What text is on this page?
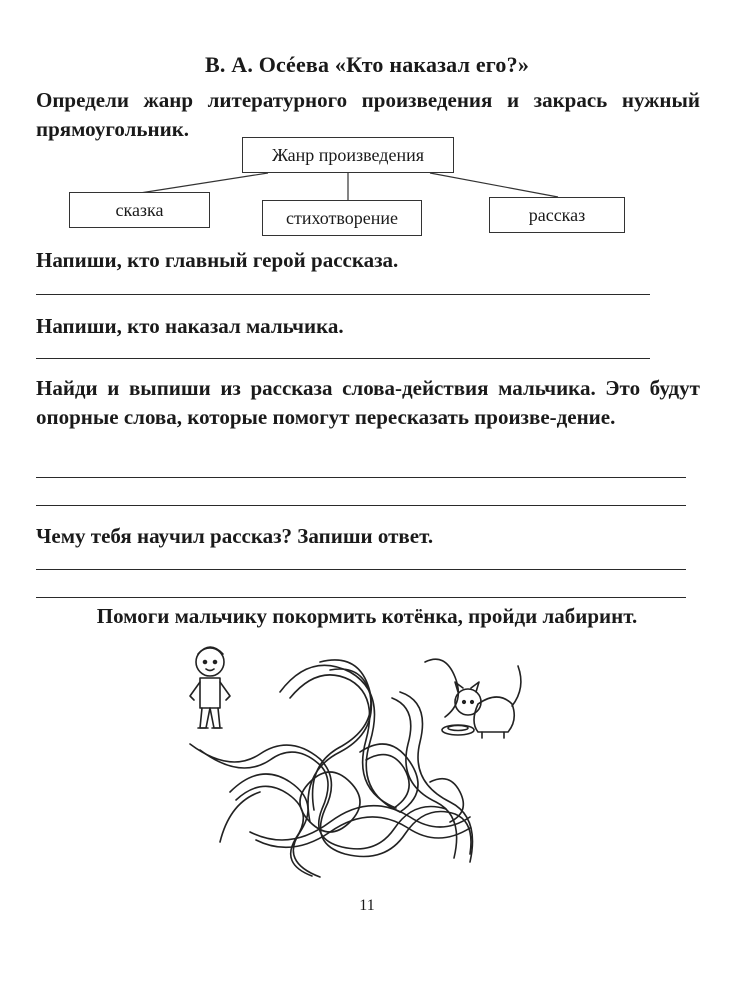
В. А. Осéева «Кто наказал его?»

Определи жанр литературного произведения и закрась нужный прямоугольник.

Жанр произведения
сказка	стихотворение	рассказ

Напиши, кто главный герой рассказа.

Напиши, кто наказал мальчика.

Найди и выпиши из рассказа слова-действия мальчика. Это будут опорные слова, которые помогут пересказать произве-дение.

Чему тебя научил рассказ? Запиши ответ.

Помоги мальчику покормить котёнка, пройди лабиринт.

11
